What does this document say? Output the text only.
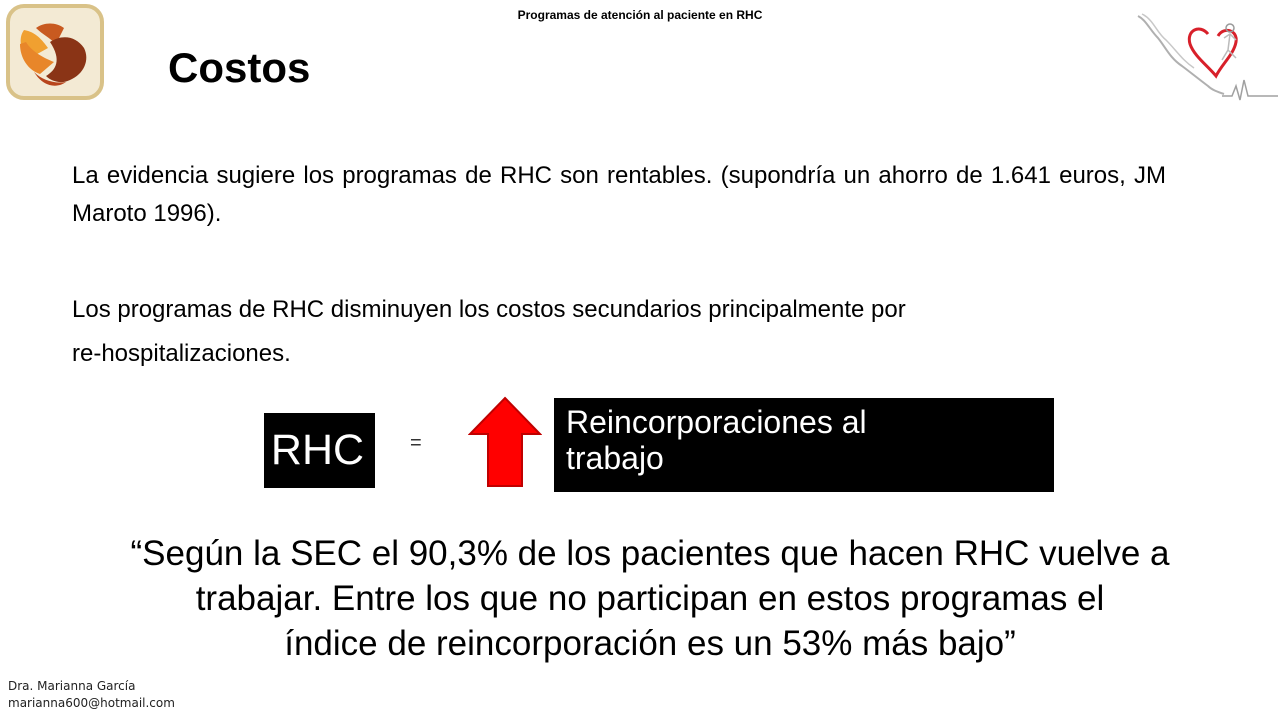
Programas de atención al paciente en RHC
Costos
La evidencia sugiere los programas de RHC son rentables. (supondría un ahorro de 1.641 euros, JM Maroto 1996).
Los programas de RHC disminuyen los costos secundarios principalmente por
re-hospitalizaciones.
RHC	=
Reincorporaciones al
trabajo
“Según la SEC el 90,3% de los pacientes que hacen RHC vuelve a
trabajar. Entre los que no participan en estos programas el
índice de reincorporación es un 53% más bajo”
Dra. Marianna García
marianna600@hotmail.com
